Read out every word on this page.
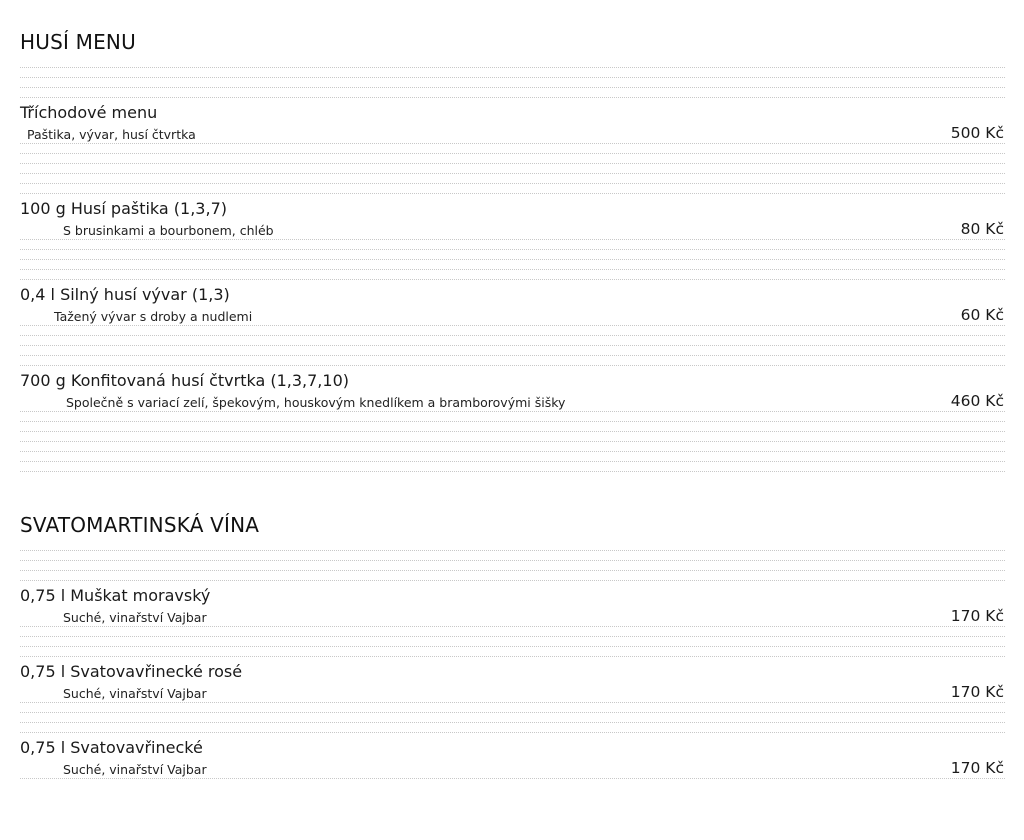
HUSÍ MENU
Tříchodové menu
Paštika, vývar, husí čtvrtka	500 Kč
100 g Husí paštika (1,3,7)
S brusinkami a bourbonem, chléb	80 Kč
0,4 l Silný husí vývar (1,3)
Tažený vývar s droby a nudlemi	60 Kč
700 g Konfitovaná husí čtvrtka (1,3,7,10)
Společně s variací zelí, špekovým, houskovým knedlíkem a bramborovými šišky	460 Kč
SVATOMARTINSKÁ VÍNA
0,75 l Muškat moravský
Suché, vinařství Vajbar	170 Kč
0,75 l Svatovavřinecké rosé
Suché, vinařství Vajbar	170 Kč
0,75 l Svatovavřinecké
Suché, vinařství Vajbar	170 Kč
